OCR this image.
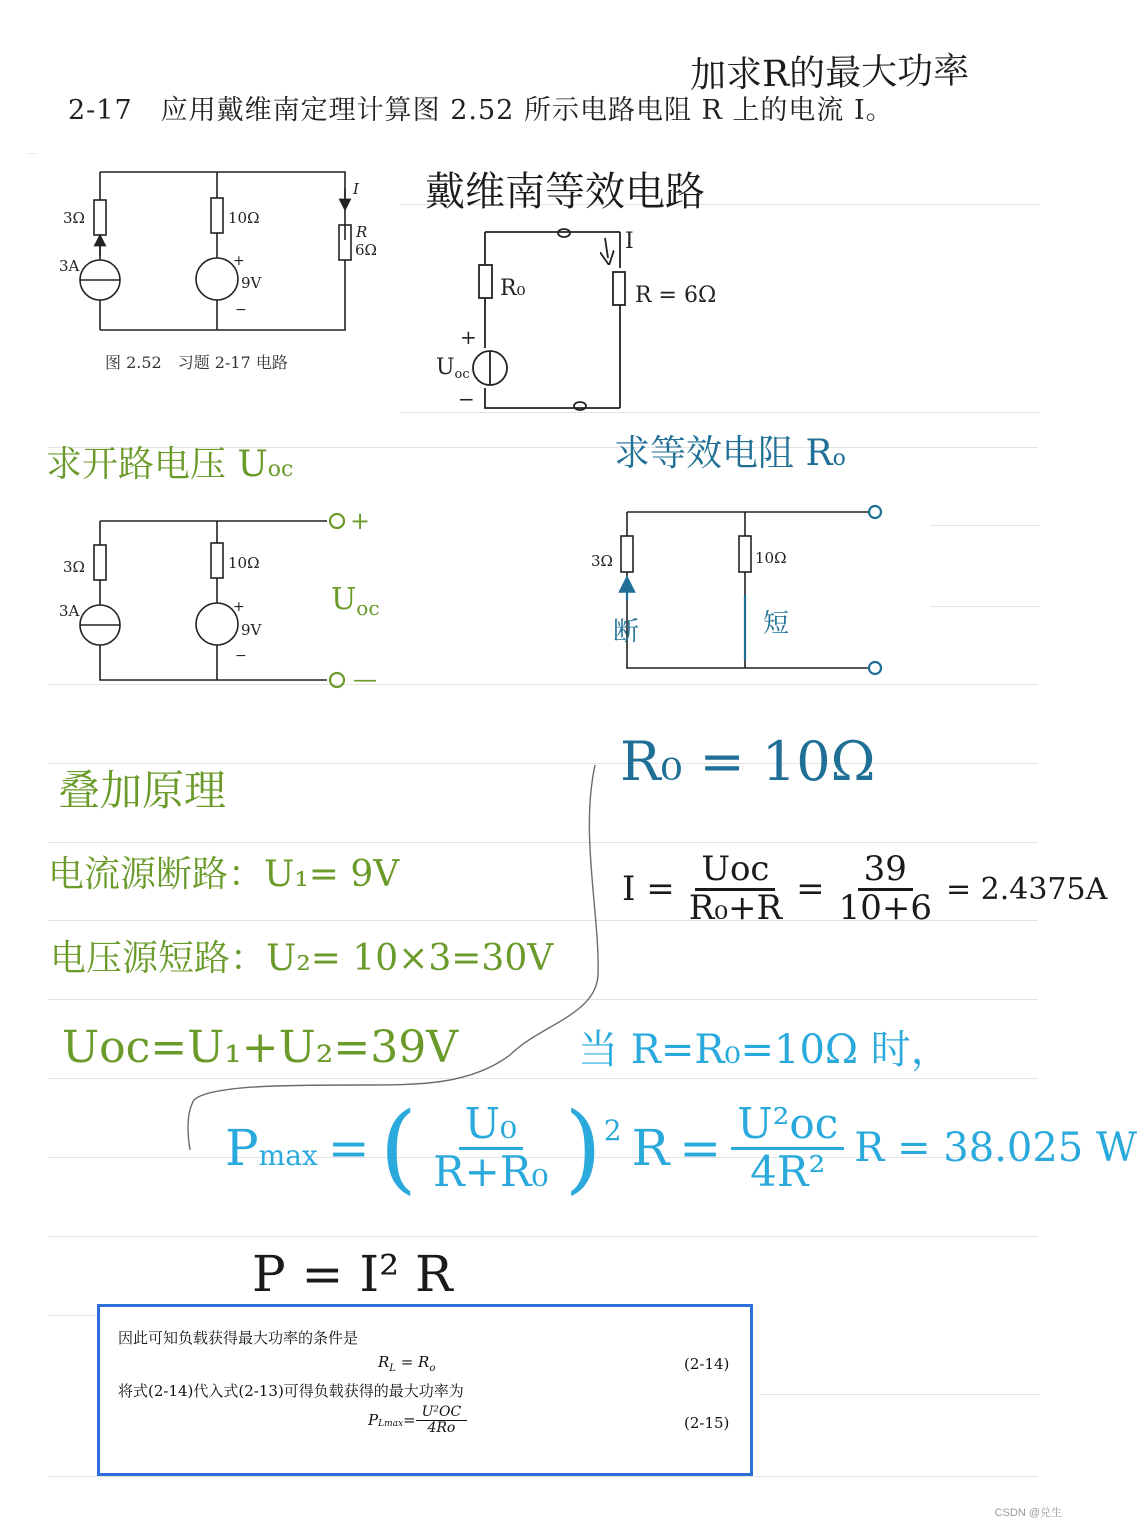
2-17　应用戴维南定理计算图 2.52 所示电路电阻 R 上的电流 I。
加求R的最大功率
3Ω
3A
10Ω
+
9V
−
I
R
6Ω
图 2.52　习题 2-17 电路
戴维南等效电路
R₀	R = 6Ω
I
+
Uoc
−
求开路电压 Uoc
3Ω
3A
10Ω
+
9V
−
+
$U_{oc}$
—
求等效电阻 Ro
3Ω	10Ω
断	短
叠加原理
电流源断路：U₁= 9V
电压源短路：U₂= 10×3=30V
Uoc=U₁+U₂=39V
R₀ = 10Ω
$I = \frac{\text{Uoc}}{\text{R₀+R}} = \frac{39}{10+6} = 2.4375A$
当 R=R₀=10Ω 时，
Pmax = ( $\frac{\text{U₀}}{\text{R+R₀}}$ ) 2 $R = \frac{\text{U²oc}}{\text{4R²}}$ R = 38.025 W
P = I² R
因此可知负载获得最大功率的条件是
$R_L = R_o$	(2-14)
将式(2-14)代入式(2-13)可得负载获得的最大功率为
$P_{Lmax} = \frac{\text{U²OC}}{4Ro}$	(2-15)
CSDN @兑生
